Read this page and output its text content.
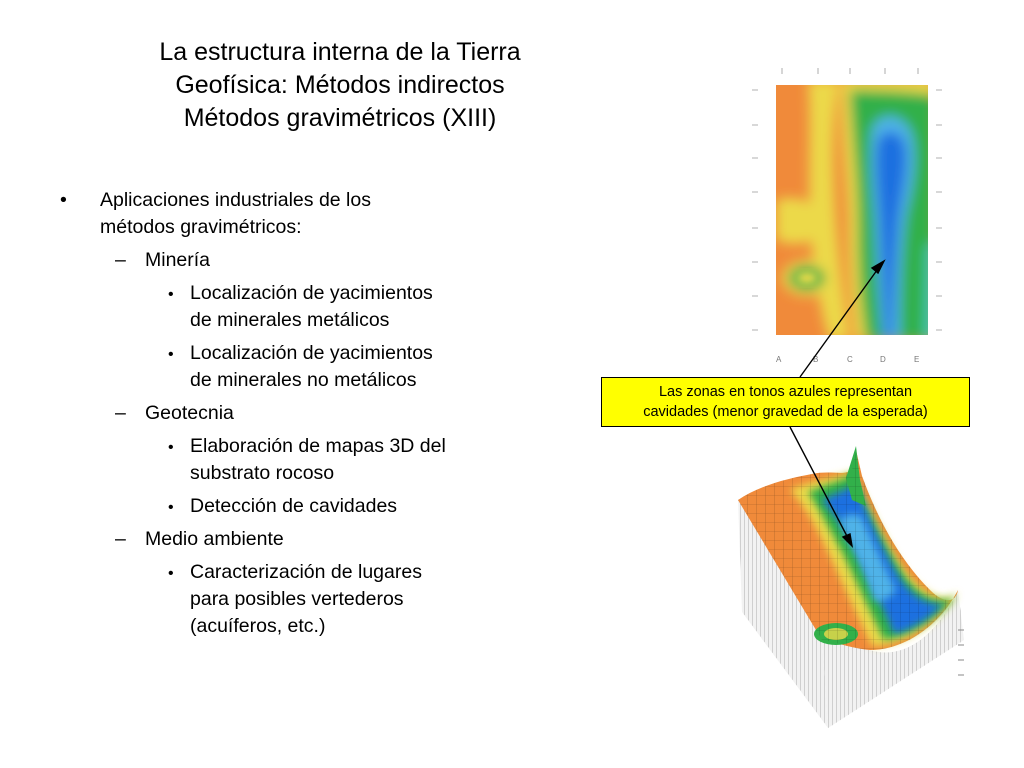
La estructura interna de la Tierra
Geofísica: Métodos indirectos
Métodos gravimétricos (XIII)
• Aplicaciones industriales de los
métodos gravimétricos:
– Minería
• Localización de yacimientos
de minerales metálicos
• Localización de yacimientos
de minerales no metálicos
– Geotecnia
• Elaboración de mapas 3D del
substrato rocoso
• Detección de cavidades
– Medio ambiente
• Caracterización de lugares
para posibles vertederos
(acuíferos, etc.)
A	B	C	D	E
Las zonas en tonos azules representan
cavidades (menor gravedad de la esperada)
